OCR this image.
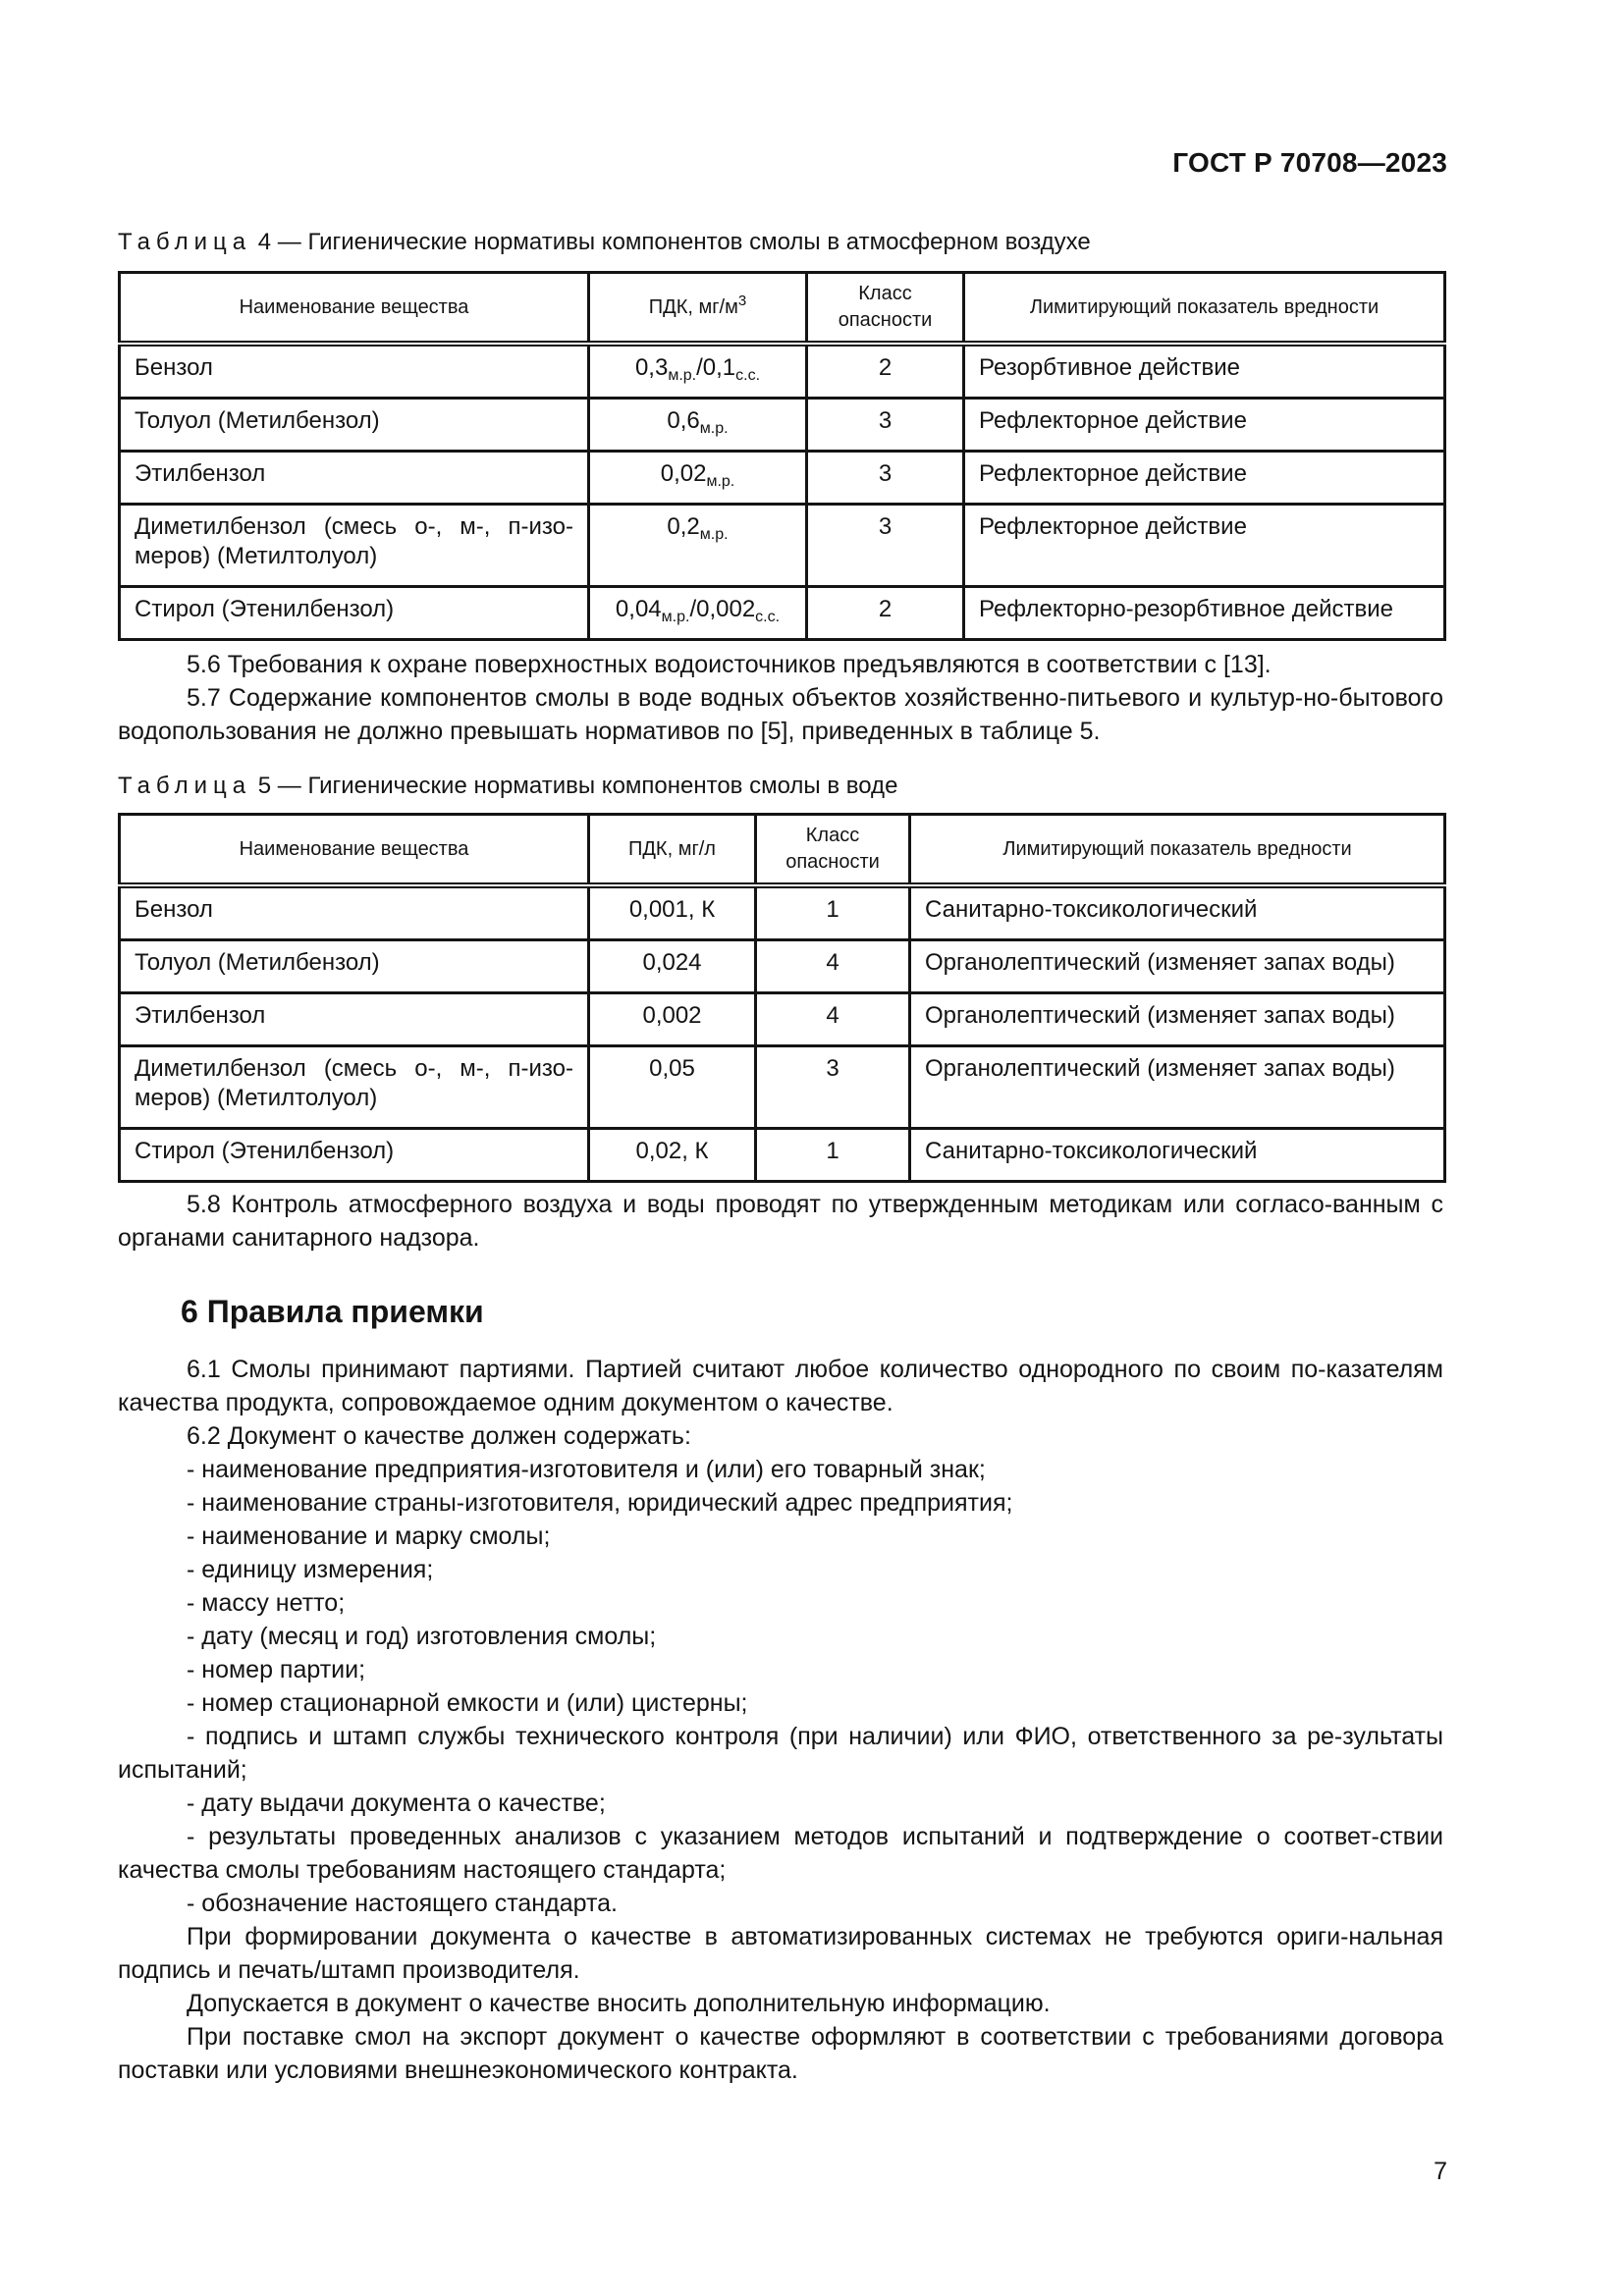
ГОСТ Р 70708—2023
Таблица 4 — Гигиенические нормативы компонентов смолы в атмосферном воздухе
Наименование вещества	ПДК, $мг/м^3$	Класс опасности	Лимитирующий показатель вредности
Бензол	$0,3_{м.р.}/0,1_{с.с.}$	2	Резорбтивное действие
Толуол (Метилбензол)	$0,6_{м.р.}$	3	Рефлекторное действие
Этилбензол	$0,02_{м.р.}$	3	Рефлекторное действие
Диметилбензол (смесь о-, м-, п-изо-меров) (Метилтолуол)	$0,2_{м.р.}$	3	Рефлекторное действие
Стирол (Этенилбензол)	$0,04_{м.р.}/0,002_{с.с.}$	2	Рефлекторно-резорбтивное действие

5.6 Требования к охране поверхностных водоисточников предъявляются в соответствии с [13].

5.7 Содержание компонентов смолы в воде водных объектов хозяйственно-питьевого и культур-но-бытового водопользования не должно превышать нормативов по [5], приведенных в таблице 5.

Таблица 5 — Гигиенические нормативы компонентов смолы в воде
Наименование вещества	ПДК, мг/л	Класс опасности	Лимитирующий показатель вредности
Бензол	0,001, К	1	Санитарно-токсикологический
Толуол (Метилбензол)	0,024	4	Органолептический (изменяет запах воды)
Этилбензол	0,002	4	Органолептический (изменяет запах воды)
Диметилбензол (смесь о-, м-, п-изо-меров) (Метилтолуол)	0,05	3	Органолептический (изменяет запах воды)
Стирол (Этенилбензол)	0,02, К	1	Санитарно-токсикологический

5.8 Контроль атмосферного воздуха и воды проводят по утвержденным методикам или согласо-ванным с органами санитарного надзора.

6 Правила приемки

6.1 Смолы принимают партиями. Партией считают любое количество однородного по своим по-казателям качества продукта, сопровождаемое одним документом о качестве.

6.2 Документ о качестве должен содержать:

- наименование предприятия-изготовителя и (или) его товарный знак;

- наименование страны-изготовителя, юридический адрес предприятия;

- наименование и марку смолы;

- единицу измерения;

- массу нетто;

- дату (месяц и год) изготовления смолы;

- номер партии;

- номер стационарной емкости и (или) цистерны;

- подпись и штамп службы технического контроля (при наличии) или ФИО, ответственного за ре-зультаты испытаний;

- дату выдачи документа о качестве;

- результаты проведенных анализов с указанием методов испытаний и подтверждение о соответ-ствии качества смолы требованиям настоящего стандарта;

- обозначение настоящего стандарта.

При формировании документа о качестве в автоматизированных системах не требуются ориги-нальная подпись и печать/штамп производителя.

Допускается в документ о качестве вносить дополнительную информацию.

При поставке смол на экспорт документ о качестве оформляют в соответствии с требованиями договора поставки или условиями внешнеэкономического контракта.

7
